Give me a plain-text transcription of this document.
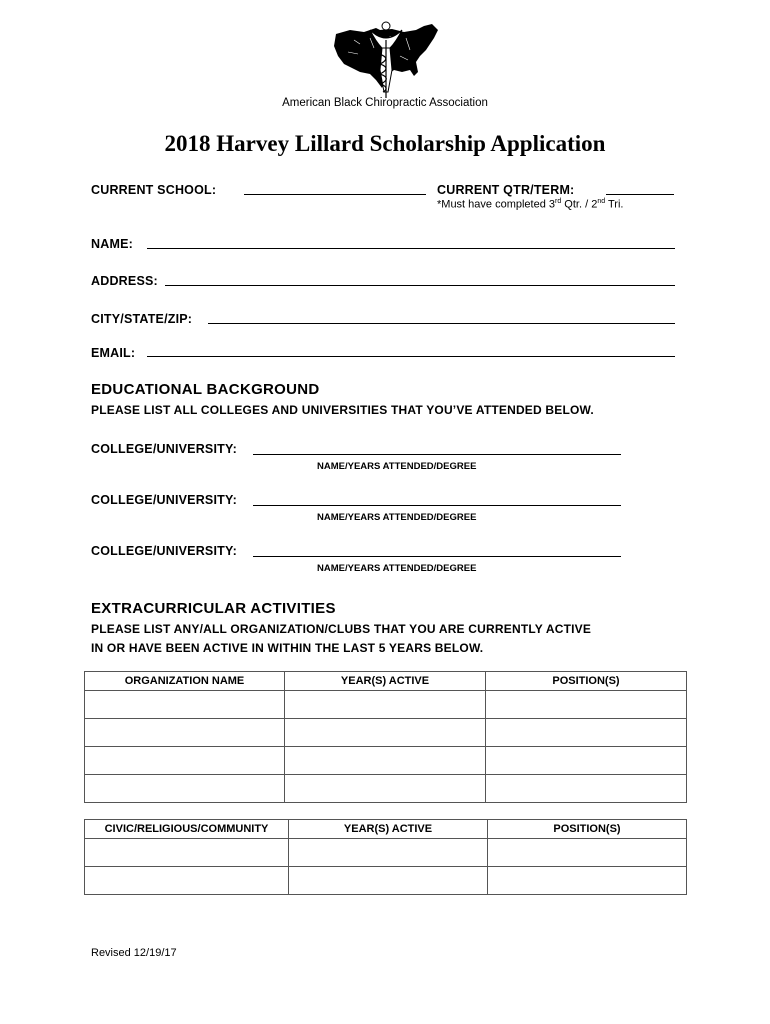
American Black Chiropractic Association
2018 Harvey Lillard Scholarship Application
CURRENT SCHOOL:	CURRENT QTR/TERM:
*Must have completed 3rd Qtr. / 2nd Tri.
NAME:
ADDRESS:
CITY/STATE/ZIP:
EMAIL:
EDUCATIONAL BACKGROUND
PLEASE LIST ALL COLLEGES AND UNIVERSITIES THAT YOU’VE ATTENDED BELOW.
COLLEGE/UNIVERSITY:
NAME/YEARS ATTENDED/DEGREE
COLLEGE/UNIVERSITY:
NAME/YEARS ATTENDED/DEGREE
COLLEGE/UNIVERSITY:
NAME/YEARS ATTENDED/DEGREE
EXTRACURRICULAR ACTIVITIES
PLEASE LIST ANY/ALL ORGANIZATION/CLUBS THAT YOU ARE CURRENTLY ACTIVE
IN OR HAVE BEEN ACTIVE IN WITHIN THE LAST 5 YEARS BELOW.
ORGANIZATION NAME	YEAR(S) ACTIVE	POSITION(S)

CIVIC/RELIGIOUS/COMMUNITY	YEAR(S) ACTIVE	POSITION(S)

Revised 12/19/17
